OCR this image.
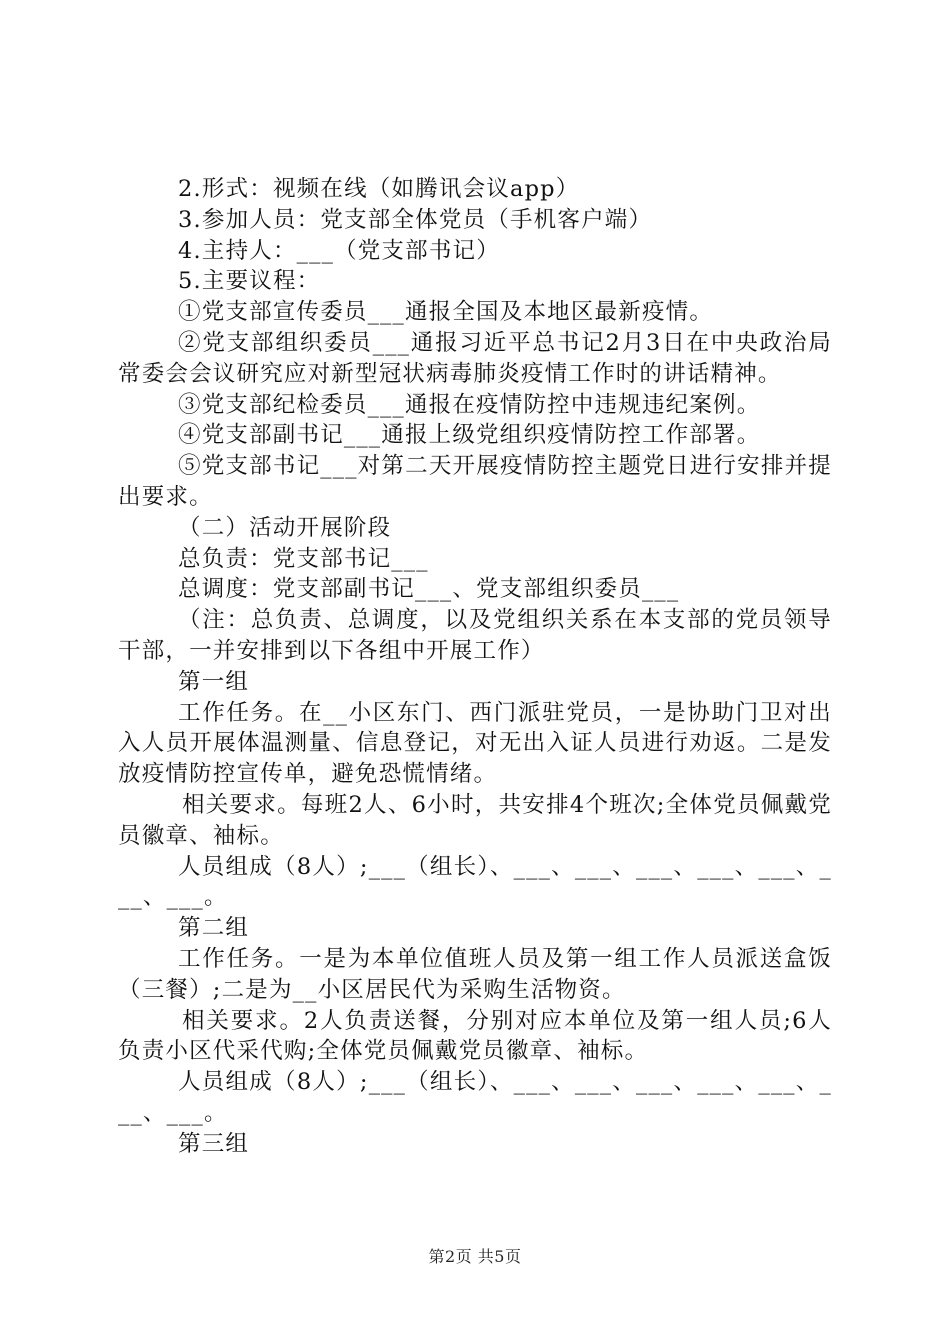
2.形式：视频在线（如腾讯会议app）

3.参加人员：党支部全体党员（手机客户端）

4.主持人：___（党支部书记）

5.主要议程：

①党支部宣传委员___通报全国及本地区最新疫情。

②党支部组织委员___通报习近平总书记2月3日在中央政治局常委会会议研究应对新型冠状病毒肺炎疫情工作时的讲话精神。

③党支部纪检委员___通报在疫情防控中违规违纪案例。

④党支部副书记___通报上级党组织疫情防控工作部署。

⑤党支部书记___对第二天开展疫情防控主题党日进行安排并提出要求。

（二）活动开展阶段

总负责：党支部书记___

总调度：党支部副书记___、党支部组织委员___

（注：总负责、总调度，以及党组织关系在本支部的党员领导干部，一并安排到以下各组中开展工作）

第一组

工作任务。在__小区东门、西门派驻党员，一是协助门卫对出入人员开展体温测量、信息登记，对无出入证人员进行劝返。二是发放疫情防控宣传单，避免恐慌情绪。

相关要求。每班2人、6小时，共安排4个班次;全体党员佩戴党员徽章、袖标。

人员组成（8人）;___（组长）、___、___、___、___、___、___、___。

第二组

工作任务。一是为本单位值班人员及第一组工作人员派送盒饭（三餐）;二是为__小区居民代为采购生活物资。

相关要求。2人负责送餐，分别对应本单位及第一组人员;6人负责小区代采代购;全体党员佩戴党员徽章、袖标。

人员组成（8人）;___（组长）、___、___、___、___、___、___、___。

第三组

第2页 共5页
